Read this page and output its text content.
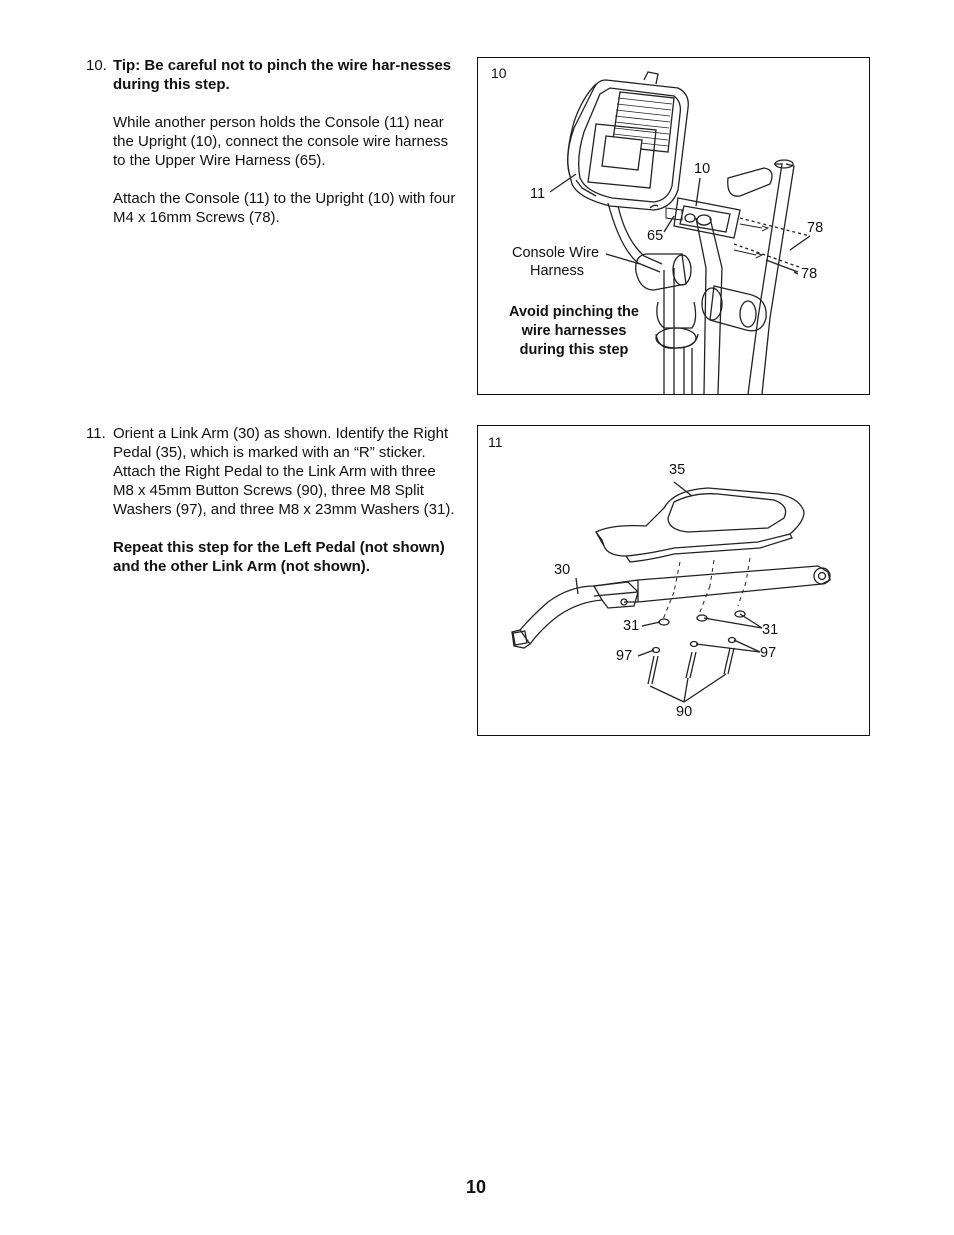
10. Tip: Be careful not to pinch the wire har-nesses during this step.

While another person holds the Console (11) near the Upright (10), connect the console wire harness to the Upper Wire Harness (65).

Attach the Console (11) to the Upright (10) with four M4 x 16mm Screws (78).

11. Orient a Link Arm (30) as shown. Identify the Right Pedal (35), which is marked with an “R” sticker. Attach the Right Pedal to the Link Arm with three M8 x 45mm Button Screws (90), three M8 Split Washers (97), and three M8 x 23mm Washers (31).

Repeat this step for the Left Pedal (not shown) and the other Link Arm (not shown).

10
11
10
65	78
78
Console Wire
Harness
Avoid pinching the
wire harnesses
during this step
11
35
30
31	31
97	97
90
10
